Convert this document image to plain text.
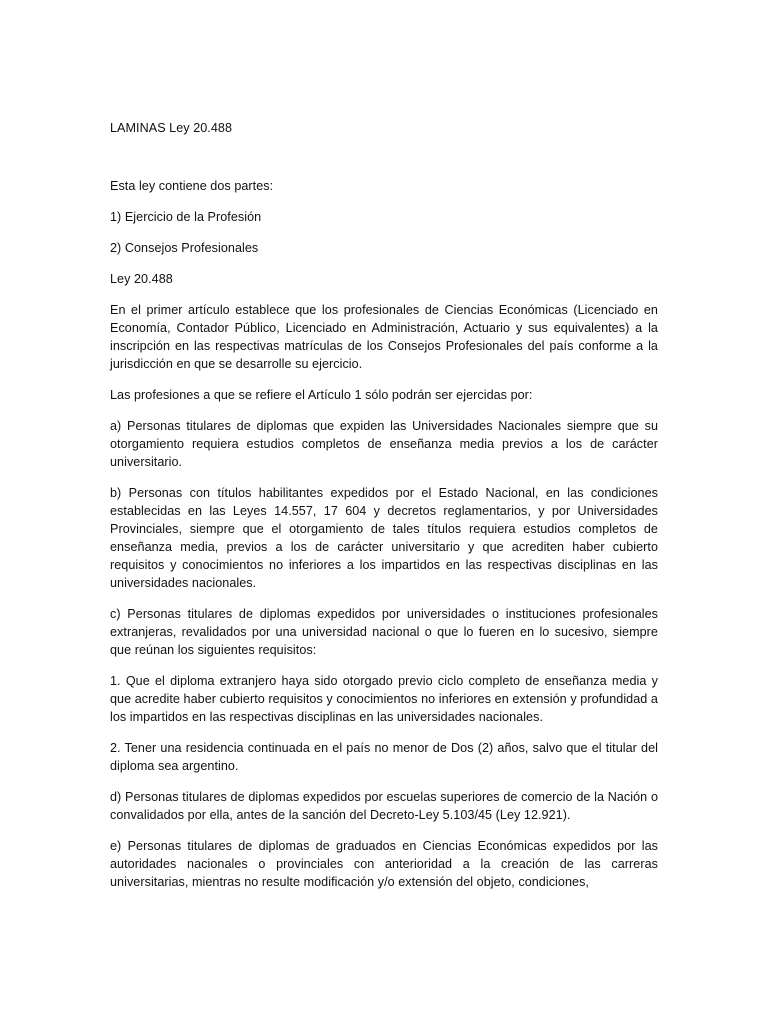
LAMINAS Ley 20.488

Esta ley contiene dos partes:

1) Ejercicio de la Profesión

2) Consejos Profesionales

Ley 20.488

En el primer artículo establece que los profesionales de Ciencias Económicas (Licenciado en Economía, Contador Público, Licenciado en Administración, Actuario y sus equivalentes) a la inscripción en las respectivas matrículas de los Consejos Profesionales del país conforme a la jurisdicción en que se desarrolle su ejercicio.

Las profesiones a que se refiere el Artículo 1 sólo podrán ser ejercidas por:

a) Personas titulares de diplomas que expiden las Universidades Nacionales siempre que su otorgamiento requiera estudios completos de enseñanza media previos a los de carácter universitario.

b) Personas con títulos habilitantes expedidos por el Estado Nacional, en las condiciones establecidas en las Leyes 14.557, 17 604 y decretos reglamentarios, y por Universidades Provinciales, siempre que el otorgamiento de tales títulos requiera estudios completos de enseñanza media, previos a los de carácter universitario y que acrediten haber cubierto requisitos y conocimientos no inferiores a los impartidos en las respectivas disciplinas en las universidades nacionales.

c) Personas titulares de diplomas expedidos por universidades o instituciones profesionales extranjeras, revalidados por una universidad nacional o que lo fueren en lo sucesivo, siempre que reúnan los siguientes requisitos:

1. Que el diploma extranjero haya sido otorgado previo ciclo completo de enseñanza media y que acredite haber cubierto requisitos y conocimientos no inferiores en extensión y profundidad a los impartidos en las respectivas disciplinas en las universidades nacionales.

2. Tener una residencia continuada en el país no menor de Dos (2) años, salvo que el titular del diploma sea argentino.

d) Personas titulares de diplomas expedidos por escuelas superiores de comercio de la Nación o convalidados por ella, antes de la sanción del Decreto-Ley 5.103/45 (Ley 12.921).

e) Personas titulares de diplomas de graduados en Ciencias Económicas expedidos por las autoridades nacionales o provinciales con anterioridad a la creación de las carreras universitarias, mientras no resulte modificación y/o extensión del objeto, condiciones,
